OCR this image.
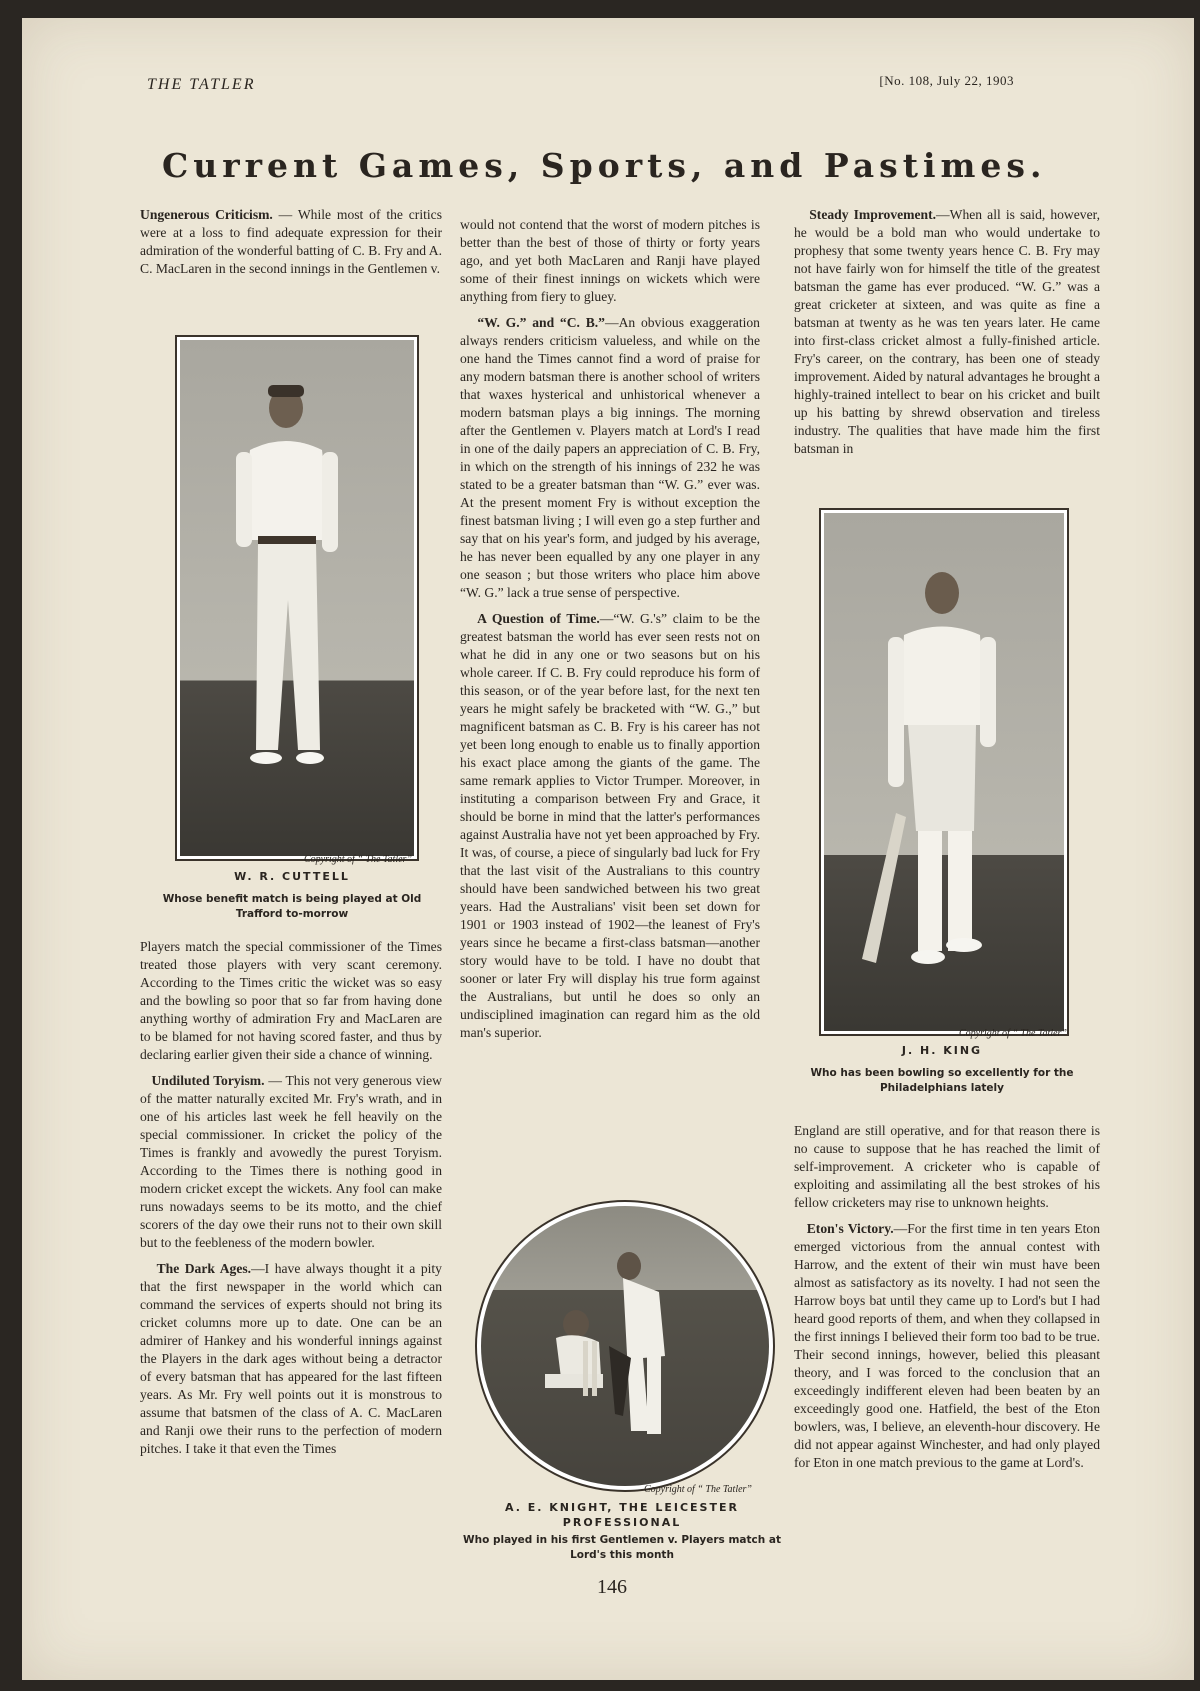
THE TATLER	[No. 108, July 22, 1903
Current Games, Sports, and Pastimes.

Ungenerous Criticism. — While most of the critics were at a loss to find adequate expression for their admiration of the wonderful batting of C. B. Fry and A. C. MacLaren in the second innings in the Gentlemen v.

Copyright of “ The Tatler”
W. R. CUTTELL
Whose benefit match is being played at Old Trafford to-morrow

Players match the special commissioner of the Times treated those players with very scant ceremony. According to the Times critic the wicket was so easy and the bowling so poor that so far from having done anything worthy of admiration Fry and MacLaren are to be blamed for not having scored faster, and thus by declaring earlier given their side a chance of winning.

Undiluted Toryism. — This not very generous view of the matter naturally excited Mr. Fry's wrath, and in one of his articles last week he fell heavily on the special commissioner. In cricket the policy of the Times is frankly and avowedly the purest Toryism. According to the Times there is nothing good in modern cricket except the wickets. Any fool can make runs nowadays seems to be its motto, and the chief scorers of the day owe their runs not to their own skill but to the feebleness of the modern bowler.

The Dark Ages.—I have always thought it a pity that the first newspaper in the world which can command the services of experts should not bring its cricket columns more up to date. One can be an admirer of Hankey and his wonderful innings against the Players in the dark ages without being a detractor of every batsman that has appeared for the last fifteen years. As Mr. Fry well points out it is monstrous to assume that batsmen of the class of A. C. MacLaren and Ranji owe their runs to the perfection of modern pitches. I take it that even the Times

would not contend that the worst of modern pitches is better than the best of those of thirty or forty years ago, and yet both MacLaren and Ranji have played some of their finest innings on wickets which were anything from fiery to gluey.

“W. G.” and “C. B.”—An obvious exaggeration always renders criticism valueless, and while on the one hand the Times cannot find a word of praise for any modern batsman there is another school of writers that waxes hysterical and unhistorical whenever a modern batsman plays a big innings. The morning after the Gentlemen v. Players match at Lord's I read in one of the daily papers an appreciation of C. B. Fry, in which on the strength of his innings of 232 he was stated to be a greater batsman than “W. G.” ever was. At the present moment Fry is without exception the finest batsman living ; I will even go a step further and say that on his year's form, and judged by his average, he has never been equalled by any one player in any one season ; but those writers who place him above “W. G.” lack a true sense of perspective.

A Question of Time.—“W. G.'s” claim to be the greatest batsman the world has ever seen rests not on what he did in any one or two seasons but on his whole career. If C. B. Fry could reproduce his form of this season, or of the year before last, for the next ten years he might safely be bracketed with “W. G.,” but magnificent batsman as C. B. Fry is his career has not yet been long enough to enable us to finally apportion his exact place among the giants of the game. The same remark applies to Victor Trumper. Moreover, in instituting a comparison between Fry and Grace, it should be borne in mind that the latter's performances against Australia have not yet been approached by Fry. It was, of course, a piece of singularly bad luck for Fry that the last visit of the Australians to this country should have been sandwiched between his two great years. Had the Australians' visit been set down for 1901 or 1903 instead of 1902—the leanest of Fry's years since he became a first-class batsman—another story would have to be told. I have no doubt that sooner or later Fry will display his true form against the Australians, but until he does so only an undisciplined imagination can regard him as the old man's superior.

Copyright of “ The Tatler”
A. E. KNIGHT, THE LEICESTER PROFESSIONAL
Who played in his first Gentlemen v. Players match at Lord's this month

Steady Improvement.—When all is said, however, he would be a bold man who would undertake to prophesy that some twenty years hence C. B. Fry may not have fairly won for himself the title of the greatest batsman the game has ever produced. “W. G.” was a great cricketer at sixteen, and was quite as fine a batsman at twenty as he was ten years later. He came into first-class cricket almost a fully-finished article. Fry's career, on the contrary, has been one of steady improvement. Aided by natural advantages he brought a highly-trained intellect to bear on his cricket and built up his batting by shrewd observation and tireless industry. The qualities that have made him the first batsman in

Copyright of “ The Tatler”
J. H. KING
Who has been bowling so excellently for the Philadelphians lately

England are still operative, and for that reason there is no cause to suppose that he has reached the limit of self-improvement. A cricketer who is capable of exploiting and assimilating all the best strokes of his fellow cricketers may rise to unknown heights.

Eton's Victory.—For the first time in ten years Eton emerged victorious from the annual contest with Harrow, and the extent of their win must have been almost as satisfactory as its novelty. I had not seen the Harrow boys bat until they came up to Lord's but I had heard good reports of them, and when they collapsed in the first innings I believed their form too bad to be true. Their second innings, however, belied this pleasant theory, and I was forced to the conclusion that an exceedingly indifferent eleven had been beaten by an exceedingly good one. Hatfield, the best of the Eton bowlers, was, I believe, an eleventh-hour discovery. He did not appear against Winchester, and had only played for Eton in one match previous to the game at Lord's.

146
